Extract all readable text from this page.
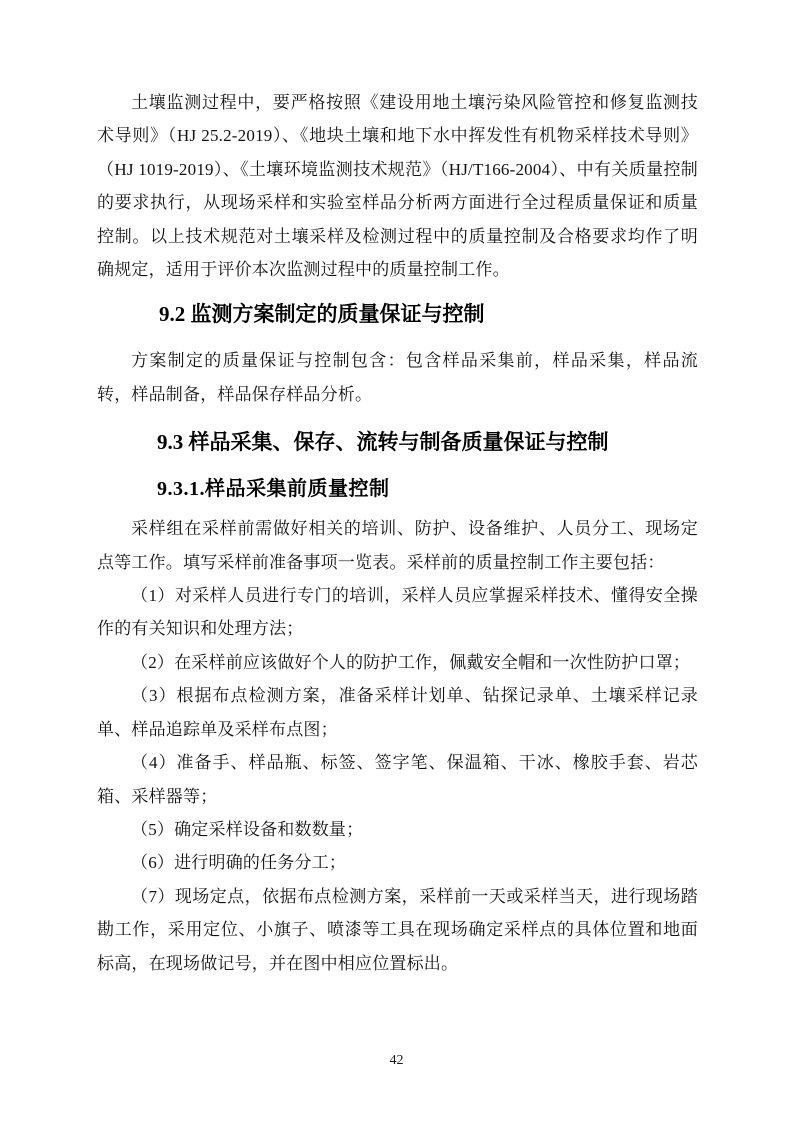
土壤监测过程中，要严格按照《建设用地土壤污染风险管控和修复监测技术导则》（HJ 25.2-2019）、《地块土壤和地下水中挥发性有机物采样技术导则》（HJ 1019-2019）、《土壤环境监测技术规范》（HJ/T166-2004）、中有关质量控制的要求执行，从现场采样和实验室样品分析两方面进行全过程质量保证和质量控制。以上技术规范对土壤采样及检测过程中的质量控制及合格要求均作了明确规定，适用于评价本次监测过程中的质量控制工作。

9.2 监测方案制定的质量保证与控制

方案制定的质量保证与控制包含：包含样品采集前，样品采集，样品流转，样品制备，样品保存样品分析。

9.3 样品采集、保存、流转与制备质量保证与控制
9.3.1.样品采集前质量控制

采样组在采样前需做好相关的培训、防护、设备维护、人员分工、现场定点等工作。填写采样前准备事项一览表。采样前的质量控制工作主要包括：

（1）对采样人员进行专门的培训，采样人员应掌握采样技术、懂得安全操作的有关知识和处理方法；

（2）在采样前应该做好个人的防护工作，佩戴安全帽和一次性防护口罩；

（3）根据布点检测方案，准备采样计划单、钻探记录单、土壤采样记录单、样品追踪单及采样布点图；

（4）准备手、样品瓶、标签、签字笔、保温箱、干冰、橡胶手套、岩芯箱、采样器等；

（5）确定采样设备和数数量；

（6）进行明确的任务分工；

（7）现场定点，依据布点检测方案，采样前一天或采样当天，进行现场踏勘工作，采用定位、小旗子、喷漆等工具在现场确定采样点的具体位置和地面标高，在现场做记号，并在图中相应位置标出。

42
